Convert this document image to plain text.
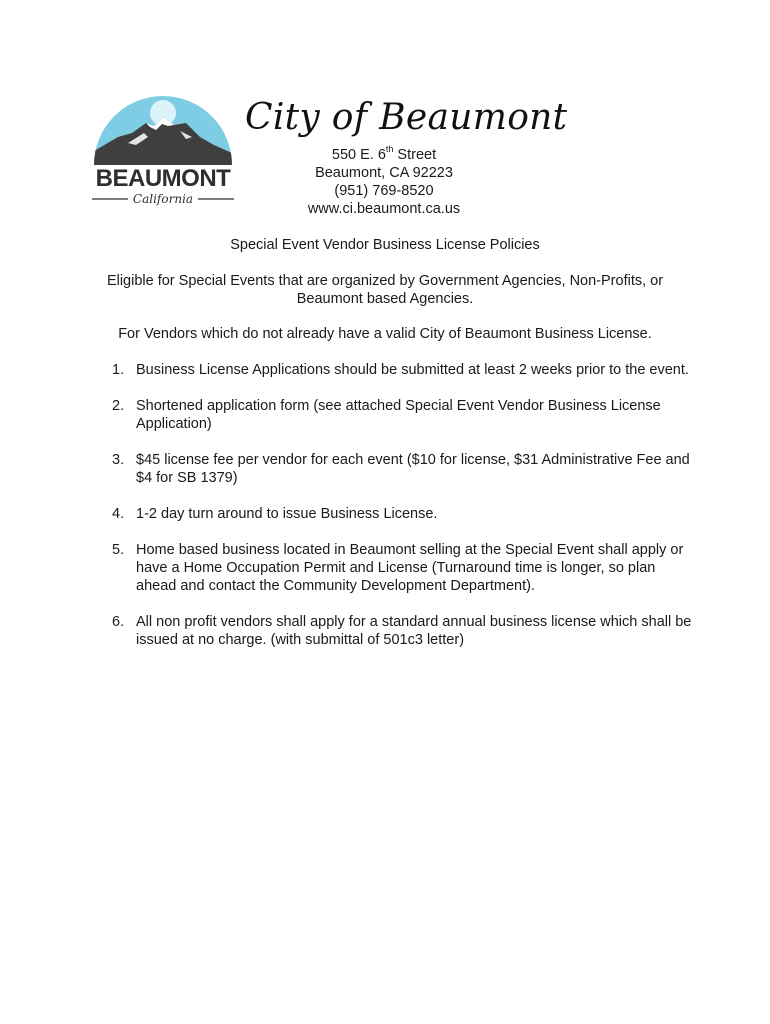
BEAUMONT
California
City of Beaumont
550 E. 6th Street
Beaumont, CA 92223
(951) 769-8520
www.ci.beaumont.ca.us
Special Event Vendor Business License Policies
Eligible for Special Events that are organized by Government Agencies, Non-Profits, or Beaumont based Agencies.
For Vendors which do not already have a valid City of Beaumont Business License.
1. Business License Applications should be submitted at least 2 weeks prior to the event.
2. Shortened application form (see attached Special Event Vendor Business License Application)
3. $45 license fee per vendor for each event ($10 for license, $31 Administrative Fee and $4 for SB 1379)
4. 1-2 day turn around to issue Business License.
5. Home based business located in Beaumont selling at the Special Event shall apply or have a Home Occupation Permit and License (Turnaround time is longer, so plan ahead and contact the Community Development Department).
6. All non profit vendors shall apply for a standard annual business license which shall be issued at no charge. (with submittal of 501c3 letter)
